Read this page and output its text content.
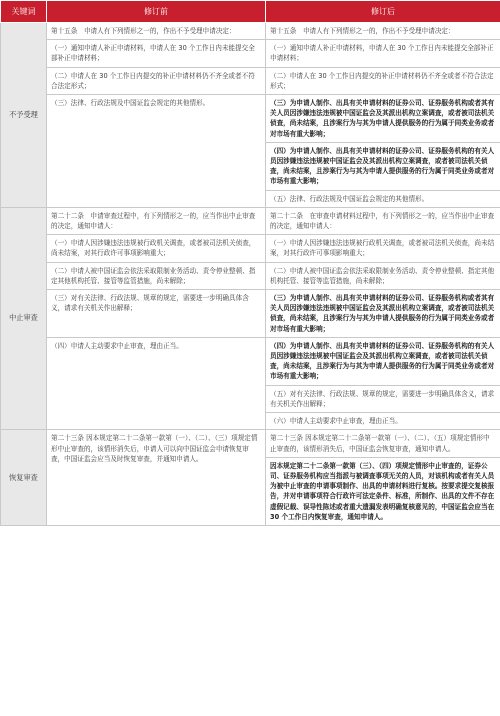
关键词	修订前	修订后
不予受理	第十五条　申请人有下列情形之一的，作出不予受理申请决定：	第十五条　申请人有下列情形之一的，作出不予受理申请决定：
	（一）通知申请人补正申请材料，申请人在 30 个工作日内未能提交全部补正申请材料；	（一）通知申请人补正申请材料，申请人在 30 个工作日内未能提交全部补正申请材料；
	（二）申请人在 30 个工作日内提交的补正申请材料仍不齐全或者不符合法定形式；	（二）申请人在 30 个工作日内提交的补正申请材料仍不齐全或者不符合法定形式；
	（三）法律、行政法规及中国证监会规定的其他情形。	（三）为申请人制作、出具有关申请材料的证券公司、证券服务机构或者其有关人员因涉嫌违法违规被中国证监会及其派出机构立案调查，或者被司法机关侦查，尚未结案，且涉案行为与其为申请人提供服务的行为属于同类业务或者对市场有重大影响；
		（四）为申请人制作、出具有关申请材料的证券公司、证券服务机构的有关人员因涉嫌违法违规被中国证监会及其派出机构立案调查，或者被司法机关侦查，尚未结案，且涉案行为与其为申请人提供服务的行为属于同类业务或者对市场有重大影响；
		（五）法律、行政法规及中国证监会规定的其他情形。
中止审查	第二十二条　申请审查过程中，有下列情形之一的，应当作出中止审查的决定，通知申请人：	第二十二条　在审查申请材料过程中，有下列情形之一的，应当作出中止审查的决定，通知申请人：
	（一）申请人因涉嫌违法违规被行政机关调查，或者被司法机关侦查，尚未结案，对其行政许可事项影响重大；	（一）申请人因涉嫌违法违规被行政机关调查，或者被司法机关侦查，尚未结案，对其行政许可事项影响重大；
	（二）申请人被中国证监会依法采取限制业务活动、责令停业整顿、指定其他机构托管、接管等监管措施，尚未解除；	（二）申请人被中国证监会依法采取限制业务活动、责令停业整顿、指定其他机构托管、接管等监管措施，尚未解除；
	（三）对有关法律、行政法规、规章的规定，需要进一步明确具体含义，请求有关机关作出解释；	（三）为申请人制作、出具有关申请材料的证券公司、证券服务机构或者其有关人员因涉嫌违法违规被中国证监会及其派出机构立案调查，或者被司法机关侦查，尚未结案，且涉案行为与其为申请人提供服务的行为属于同类业务或者对市场有重大影响；
	（四）申请人主动要求中止审查，理由正当。	（四）为申请人制作、出具有关申请材料的证券公司、证券服务机构的有关人员因涉嫌违法违规被中国证监会及其派出机构立案调查，或者被司法机关侦查，尚未结案，且涉案行为与其为申请人提供服务的行为属于同类业务或者对市场有重大影响；
		（五）对有关法律、行政法规、规章的规定，需要进一步明确具体含义，请求有关机关作出解释；
		（六）申请人主动要求中止审查，理由正当。
恢复审查	第二十三条 因本规定第二十二条第一款第（一）、（二）、（三）项规定情形中止审查的，该情形消失后，申请人可以向中国证监会申请恢复审查，中国证监会应当及时恢复审查，并通知申请人。	第二十三条 因本规定第二十二条第一款第（一）、（二）、（五）项规定情形中止审查的，该情形消失后，中国证监会恢复审查，通知申请人。
		因本规定第二十二条第一款第（三）、（四）项规定情形中止审查的，证券公司、证券服务机构应当指派与被调查事项无关的人员，对该机构或者有关人员为被中止审查的申请事项制作、出具的申请材料进行复核。按要求提交复核报告，并对申请事项符合行政许可法定条件、标准，所制作、出具的文件不存在虚假记载、误导性陈述或者重大遗漏发表明确复核意见的，中国证监会应当在 30 个工作日内恢复审查，通知申请人。
